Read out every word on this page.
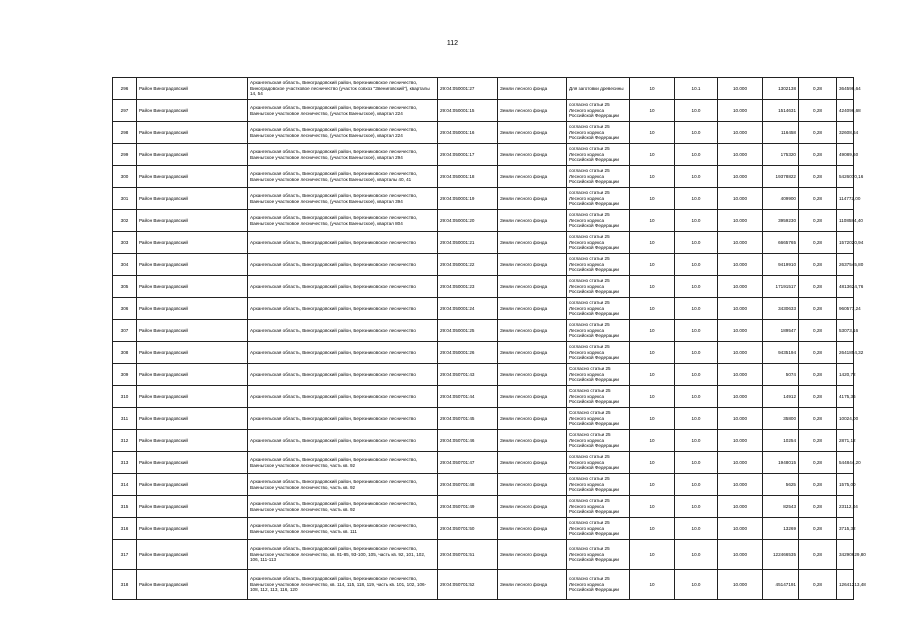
112
296	Район Виноградовский	Архангельская область, Виноградовский район, Березниковское лесничество, Виноградовское участковое лесничество (участок совхоз "Звениговский"), кварталы 14, 54	29:04:050001:27	Земли лесного фонда	Для заготовки древесины	10	10.1	10.000	1302138	0,28	364598,64
297	Район Виноградовский	Архангельская область, Виноградовский район, Березниковское лесничество, Ваеньгское участковое лесничество, (участок Ваеньгское), квартал 224	29:04:050001:15	Земли лесного фонда	согласно статьи 25 Лесного кодекса Российской Федерации	10	10.0	10.000	1514631	0,28	424096,68
298	Район Виноградовский	Архангельская область, Виноградовский район, Березниковское лесничество, Ваеньгское участковое лесничество, (участок Ваеньгское), квартал 224	29:04:050001:16	Земли лесного фонда	согласно статьи 25 Лесного кодекса Российской Федерации	10	10.0	10.000	116458	0,28	32608,64
299	Район Виноградовский	Архангельская область, Виноградовский район, Березниковское лесничество, Ваеньгское участковое лесничество, (участок Ваеньгское), квартал 294	29:04:050001:17	Земли лесного фонда	согласно статьи 25 Лесного кодекса Российской Федерации	10	10.0	10.000	175320	0,28	49089,60
300	Район Виноградовский	Архангельская область, Виноградовский район, Березниковское лесничество, Ваеньгское участковое лесничество, (участок Ваеньгское), кварталы 40, 41	29:04:050001:18	Земли лесного фонда	согласно статьи 25 Лесного кодекса Российской Федерации	10	10.0	10.000	19378822	0,28	5426070,16
301	Район Виноградовский	Архангельская область, Виноградовский район, Березниковское лесничество, Ваеньгское участковое лесничество, (участок Ваеньгское), квартал 394	29:04:050001:19	Земли лесного фонда	согласно статьи 25 Лесного кодекса Российской Федерации	10	10.0	10.000	409900	0,28	114772,00
302	Район Виноградовский	Архангельская область, Виноградовский район, Березниковское лесничество, Ваеньгское участковое лесничество, (участок Ваеньгское), квартал 804	29:04:050001:20	Земли лесного фонда	согласно статьи 25 Лесного кодекса Российской Федерации	10	10.0	10.000	3959230	0,28	1108584,40
303	Район Виноградовский	Архангельская область, Виноградовский район, Березниковское лесничество	29:04:050001:21	Земли лесного фонда	согласно статьи 25 Лесного кодекса Российской Федерации	10	10.0	10.000	6665765	0,28	1572020,94
304	Район Виноградовский	Архангельская область, Виноградовский район, Березниковское лесничество	29:04:050001:22	Земли лесного фонда	согласно статьи 25 Лесного кодекса Российской Федерации	10	10.0	10.000	9419910	0,28	2637545,80
305	Район Виноградовский	Архангельская область, Виноградовский район, Березниковское лесничество	29:04:050001:23	Земли лесного фонда	согласно статьи 25 Лесного кодекса Российской Федерации	10	10.0	10.000	17191517	0,28	4813624,76
306	Район Виноградовский	Архангельская область, Виноградовский район, Березниковское лесничество	29:04:050001:24	Земли лесного фонда	согласно статьи 25 Лесного кодекса Российской Федерации	10	10.0	10.000	3430633	0,28	960577,24
307	Район Виноградовский	Архангельская область, Виноградовский район, Березниковское лесничество	29:04:050001:25	Земли лесного фонда	согласно статьи 25 Лесного кодекса Российской Федерации	10	10.0	10.000	189547	0,28	53073,16
308	Район Виноградовский	Архангельская область, Виноградовский район, Березниковское лесничество	29:04:050001:26	Земли лесного фонда	согласно статьи 25 Лесного кодекса Российской Федерации	10	10.0	10.000	9435194	0,28	2641854,32
309	Район Виноградовский	Архангельская область, Виноградовский район, Березниковское лесничество	29:04:050701:43	Земли лесного фонда	Согласно статьи 25 Лесного кодекса Российской Федерации	10	10.0	10.000	5074	0,28	1420,72
310	Район Виноградовский	Архангельская область, Виноградовский район, Березниковское лесничество	29:04:050701:44	Земли лесного фонда	Согласно статьи 25 Лесного кодекса Российской Федерации	10	10.0	10.000	14912	0,28	4175,36
311	Район Виноградовский	Архангельская область, Виноградовский район, Березниковское лесничество	29:04:050701:45	Земли лесного фонда	Согласно статьи 25 Лесного кодекса Российской Федерации	10	10.0	10.000	35800	0,28	10024,00
312	Район Виноградовский	Архангельская область, Виноградовский район, Березниковское лесничество	29:04:050701:46	Земли лесного фонда	Согласно статьи 25 Лесного кодекса Российской Федерации	10	10.0	10.000	10254	0,28	2871,12
313	Район Виноградовский	Архангельская область, Виноградовский район, Березниковское лесничество, Ваеньгское участковое лесничество, часть кв. 92	29:04:050701:47	Земли лесного фонда	согласно статьи 25 Лесного кодекса Российской Федерации	10	10.0	10.000	1948015	0,28	544844,20
314	Район Виноградовский	Архангельская область, Виноградовский район, Березниковское лесничество, Ваеньгское участковое лесничество, часть кв. 92	29:04:050701:48	Земли лесного фонда	согласно статьи 25 Лесного кодекса Российской Федерации	10	10.0	10.000	5625	0,28	1575,00
315	Район Виноградовский	Архангельская область, Виноградовский район, Березниковское лесничество, Ваеньгское участковое лесничество, часть кв. 92	29:04:050701:49	Земли лесного фонда	согласно статьи 25 Лесного кодекса Российской Федерации	10	10.0	10.000	82543	0,28	23112,04
316	Район Виноградовский	Архангельская область, Виноградовский район, Березниковское лесничество, Ваеньгское участковое лесничество, часть кв. 111	29:04:050701:50	Земли лесного фонда	согласно статьи 25 Лесного кодекса Российской Федерации	10	10.0	10.000	13269	0,28	3715,32
317	Район Виноградовский	Архангельская область, Виноградовский район, Березниковское лесничество, Ваеньгское участковое лесничество, кв. 81-85, 93-100, 105, часть кв. 92, 101, 102, 106, 111-113	29:04:050701:51	Земли лесного фонда	согласно статьи 25 Лесного кодекса Российской Федерации	10	10.0	10.000	122466535	0,28	34290629,80
318	Район Виноградовский	Архангельская область, Виноградовский район, Березниковское лесничество, Ваеньгское участковое лесничество, кв. 114, 115, 118, 119, часть кв. 101, 102, 106-108, 112, 113, 116, 120	29:04:050701:52	Земли лесного фонда	согласно статьи 25 Лесного кодекса Российской Федерации	10	10.0	10.000	45147191	0,28	12641213,48
